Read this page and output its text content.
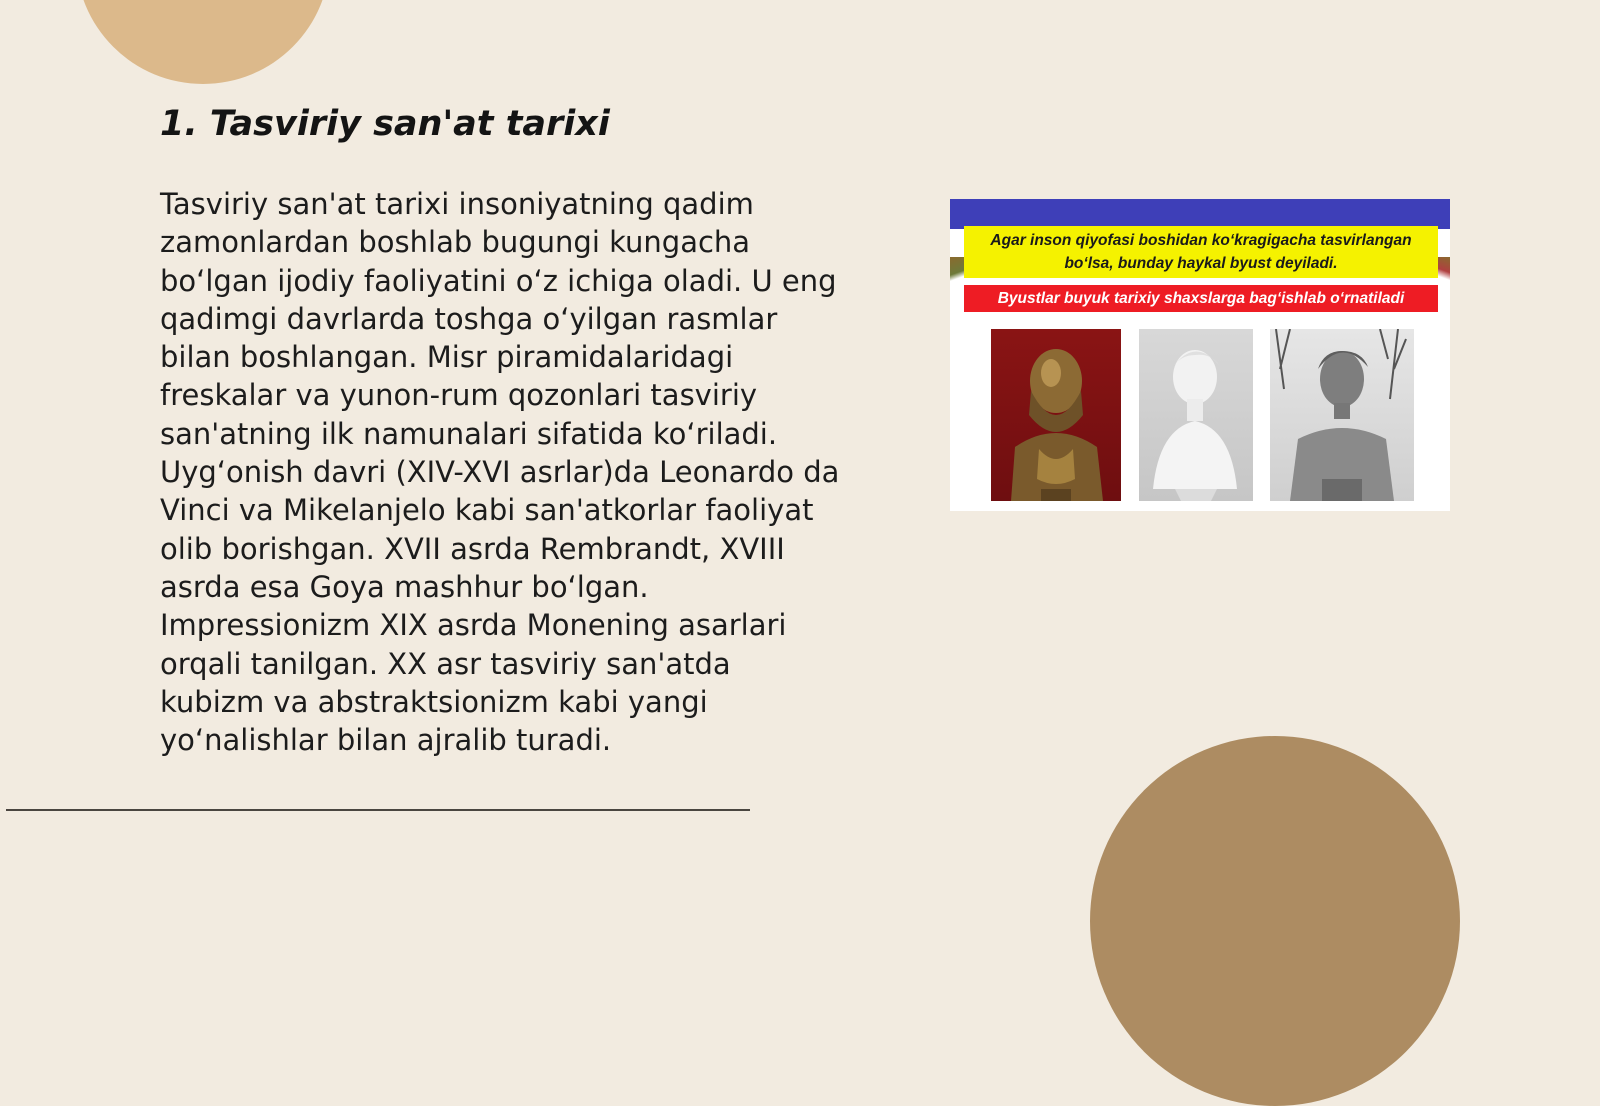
1. Tasviriy san'at tarixi

Tasviriy san'at tarixi insoniyatning qadim zamonlardan boshlab bugungi kungacha bo‘lgan ijodiy faoliyatini o‘z ichiga oladi. U eng qadimgi davrlarda toshga o‘yilgan rasmlar bilan boshlangan. Misr piramidalaridagi freskalar va yunon-rum qozonlari tasviriy san'atning ilk namunalari sifatida ko‘riladi. Uyg‘onish davri (XIV-XVI asrlar)da Leonardo da Vinci va Mikelanjelo kabi san'atkorlar faoliyat olib borishgan. XVII asrda Rembrandt, XVIII asrda esa Goya mashhur bo‘lgan. Impressionizm XIX asrda Monening asarlari orqali tanilgan. XX asr tasviriy san'atda kubizm va abstraktsionizm kabi yangi yo‘nalishlar bilan ajralib turadi.

Agar inson qiyofasi boshidan ko‘kragigacha tasvirlangan
bo‘lsa, bunday haykal byust deyiladi.
Byustlar buyuk tarixiy shaxslarga bag‘ishlab o‘rnatiladi
